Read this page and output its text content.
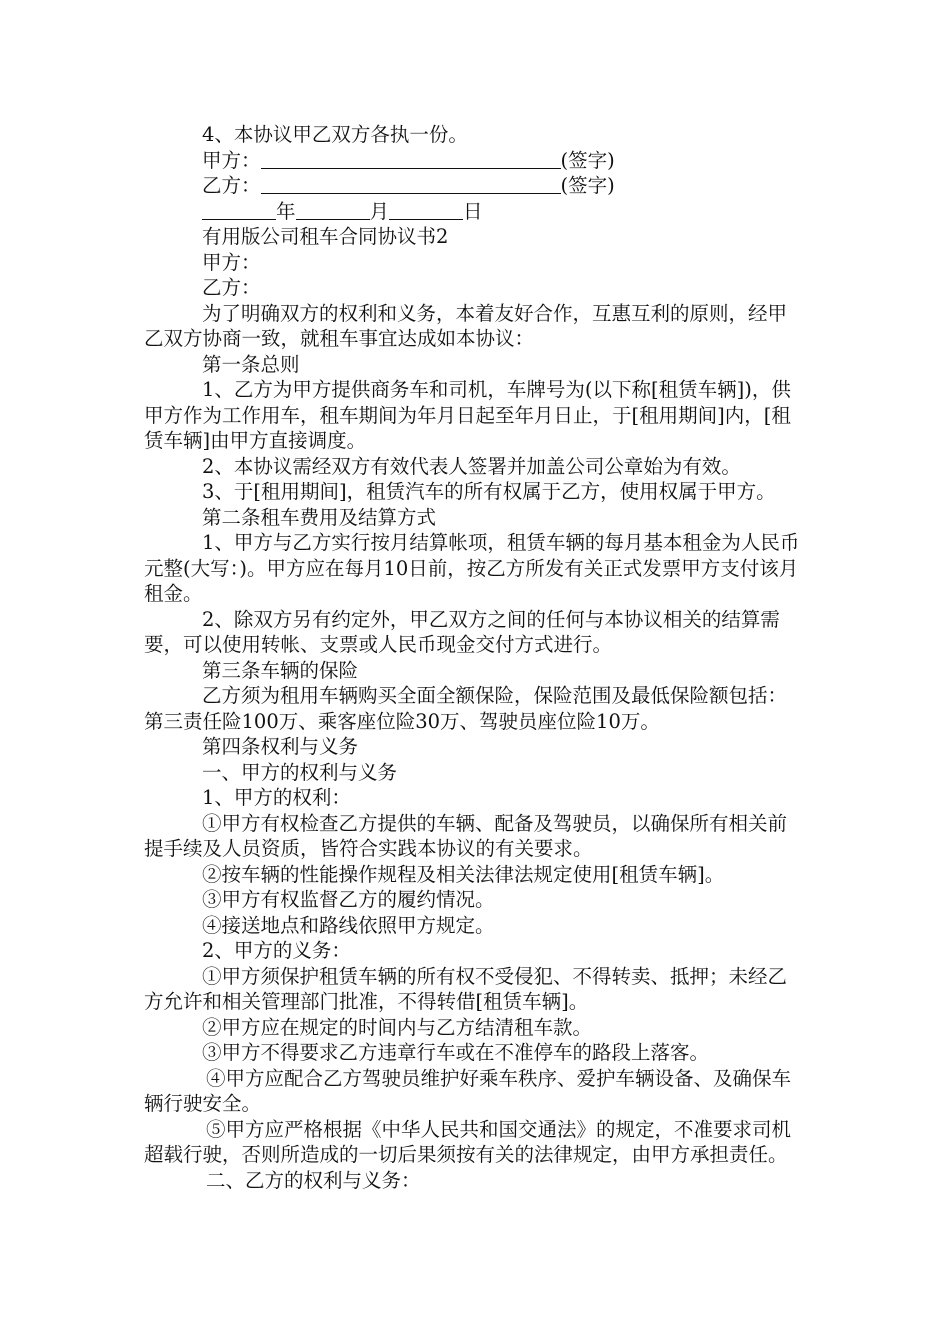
4、本协议甲乙双方各执一份。

甲方：	(签字)

乙方：	(签字)

年	月	日

有用版公司租车合同协议书2

甲方：

乙方：

为了明确双方的权利和义务，本着友好合作，互惠互利的原则，经甲乙双方协商一致，就租车事宜达成如本协议：

第一条总则

1、乙方为甲方提供商务车和司机，车牌号为(以下称[租赁车辆])，供甲方作为工作用车，租车期间为年月日起至年月日止，于[租用期间]内，[租赁车辆]由甲方直接调度。

2、本协议需经双方有效代表人签署并加盖公司公章始为有效。

3、于[租用期间]，租赁汽车的所有权属于乙方，使用权属于甲方。

第二条租车费用及结算方式

1、甲方与乙方实行按月结算帐项，租赁车辆的每月基本租金为人民币元整(大写：)。甲方应在每月10日前，按乙方所发有关正式发票甲方支付该月租金。

2、除双方另有约定外，甲乙双方之间的任何与本协议相关的结算需要，可以使用转帐、支票或人民币现金交付方式进行。

第三条车辆的保险

乙方须为租用车辆购买全面全额保险，保险范围及最低保险额包括：第三责任险100万、乘客座位险30万、驾驶员座位险10万。

第四条权利与义务

一、甲方的权利与义务

1、甲方的权利：

①甲方有权检查乙方提供的车辆、配备及驾驶员，以确保所有相关前提手续及人员资质，皆符合实践本协议的有关要求。

②按车辆的性能操作规程及相关法律法规定使用[租赁车辆]。

③甲方有权监督乙方的履约情况。

④接送地点和路线依照甲方规定。

2、甲方的义务：

①甲方须保护租赁车辆的所有权不受侵犯、不得转卖、抵押；未经乙方允许和相关管理部门批准，不得转借[租赁车辆]。

②甲方应在规定的时间内与乙方结清租车款。

③甲方不得要求乙方违章行车或在不准停车的路段上落客。

④甲方应配合乙方驾驶员维护好乘车秩序、爱护车辆设备、及确保车辆行驶安全。

⑤甲方应严格根据《中华人民共和国交通法》的规定，不准要求司机超载行驶，否则所造成的一切后果须按有关的法律规定，由甲方承担责任。

二、乙方的权利与义务：
